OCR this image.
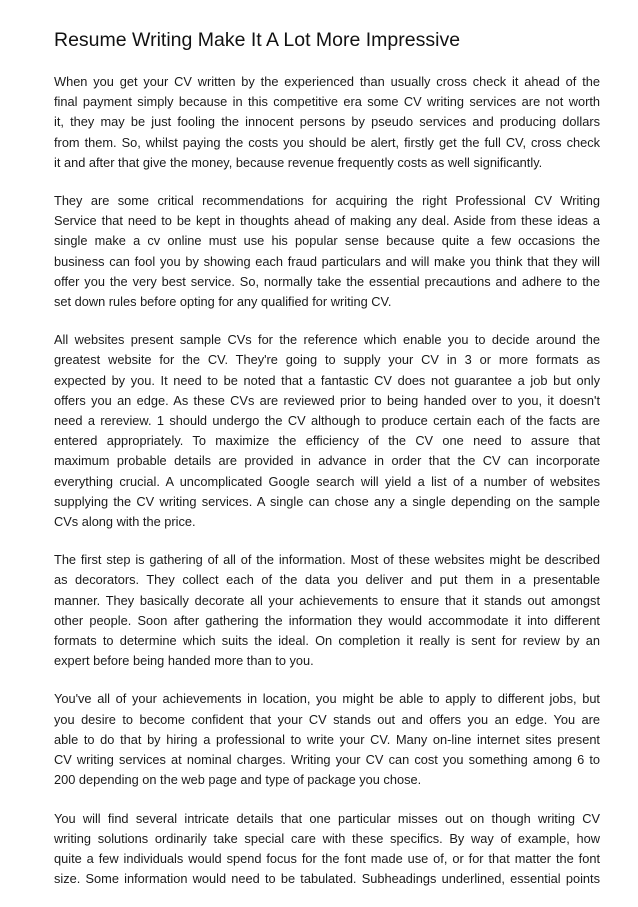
Resume Writing Make It A Lot More Impressive
When you get your CV written by the experienced than usually cross check it ahead of the
final payment simply because in this competitive era some CV writing services are not worth
it, they may be just fooling the innocent persons by pseudo services and producing dollars
from them. So, whilst paying the costs you should be alert, firstly get the full CV, cross check
it and after that give the money, because revenue frequently costs as well significantly.
They are some critical recommendations for acquiring the right Professional CV Writing
Service that need to be kept in thoughts ahead of making any deal. Aside from these ideas a
single make a cv online must use his popular sense because quite a few occasions the
business can fool you by showing each fraud particulars and will make you think that they will
offer you the very best service. So, normally take the essential precautions and adhere to the
set down rules before opting for any qualified for writing CV.
All websites present sample CVs for the reference which enable you to decide around the
greatest website for the CV. They're going to supply your CV in 3 or more formats as
expected by you. It need to be noted that a fantastic CV does not guarantee a job but only
offers you an edge. As these CVs are reviewed prior to being handed over to you, it doesn't
need a rereview. 1 should undergo the CV although to produce certain each of the facts are
entered appropriately. To maximize the efficiency of the CV one need to assure that
maximum probable details are provided in advance in order that the CV can incorporate
everything crucial. A uncomplicated Google search will yield a list of a number of websites
supplying the CV writing services. A single can chose any a single depending on the sample
CVs along with the price.
The first step is gathering of all of the information. Most of these websites might be described
as decorators. They collect each of the data you deliver and put them in a presentable
manner. They basically decorate all your achievements to ensure that it stands out amongst
other people. Soon after gathering the information they would accommodate it into different
formats to determine which suits the ideal. On completion it really is sent for review by an
expert before being handed more than to you.
You've all of your achievements in location, you might be able to apply to different jobs, but
you desire to become confident that your CV stands out and offers you an edge. You are
able to do that by hiring a professional to write your CV. Many on-line internet sites present
CV writing services at nominal charges. Writing your CV can cost you something among 6 to
200 depending on the web page and type of package you chose.
You will find several intricate details that one particular misses out on though writing CV
writing solutions ordinarily take special care with these specifics. By way of example, how
quite a few individuals would spend focus for the font made use of, or for that matter the font
size. Some information would need to be tabulated. Subheadings underlined, essential points
